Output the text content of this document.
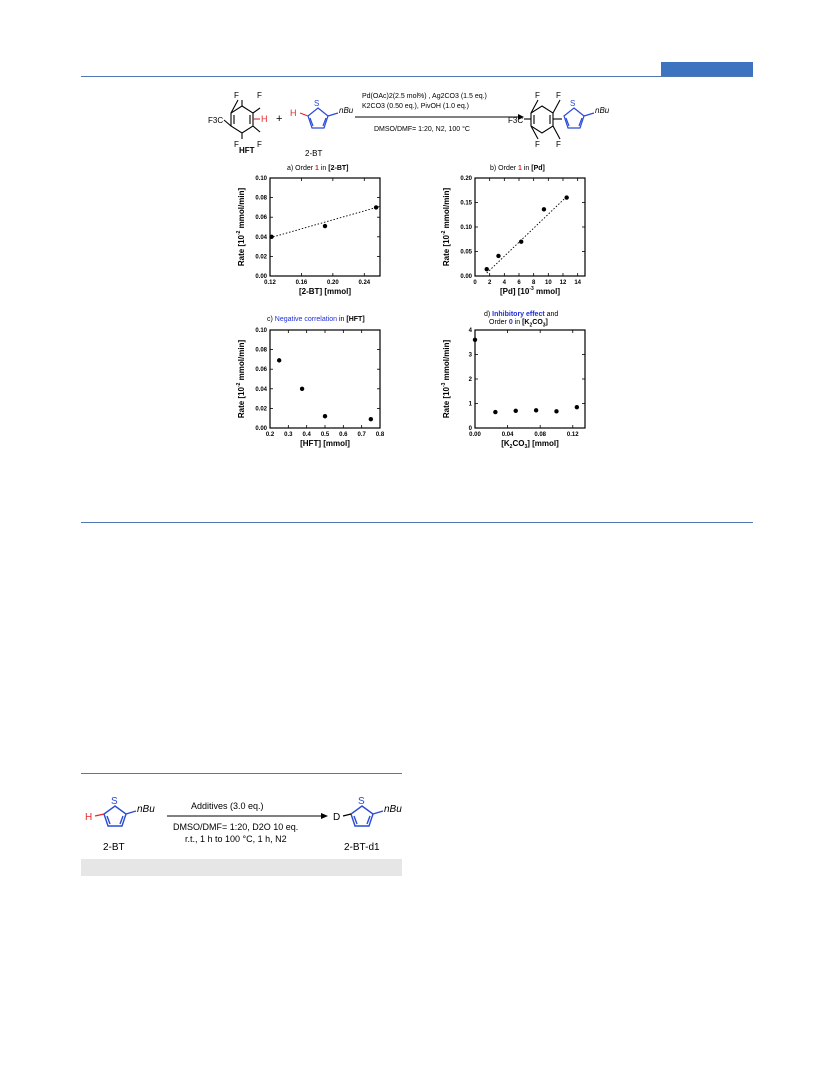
F F
F F
F3C	H +
S
H	nBu
Pd(OAc)2(2.5 mol%) , Ag2CO3 (1.5 eq.)
K2CO3 (0.50 eq.), PivOH (1.0 eq.)
DMSO/DMF= 1:20, N2, 100 °C
F F
F F
F3C
S
nBu
HFT	2-BT
a) Order 1 in [2-BT]	b) Order 1 in [Pd]
c) Negative correlation in [HFT]
d) Inhibitory effect and
Order 0 in $[K_2CO_3]$
0.12	0.16	0.20	0.24
0.00
0.02
0.04
0.06
0.08
0.10
[2-BT] [mmol]
Rate [$10^{-2}$ mmol/min]
0 2 4 6 8 10 12 14
0.00
0.05
0.10
0.15
0.20
[Pd] [$10^{-3}$ mmol]
Rate [$10^{-2}$ mmol/min]
0.2 0.3 0.4 0.5 0.6 0.7 0.8
0.00
0.02
0.04
0.06
0.08
0.10
[HFT] [mmol]
Rate [$10^{-2}$ mmol/min]
0.00	0.04	0.08	0.12
0
1
2
3
4
$[K_2CO_3]$ [mmol]
Rate [$10^{-3}$ mmol/min]
S
H
nBu
2-BT
Additives (3.0 eq.)
DMSO/DMF= 1:20, D2O 10 eq.
r.t., 1 h to 100 °C, 1 h, N2
S
D
nBu
2-BT-d1
